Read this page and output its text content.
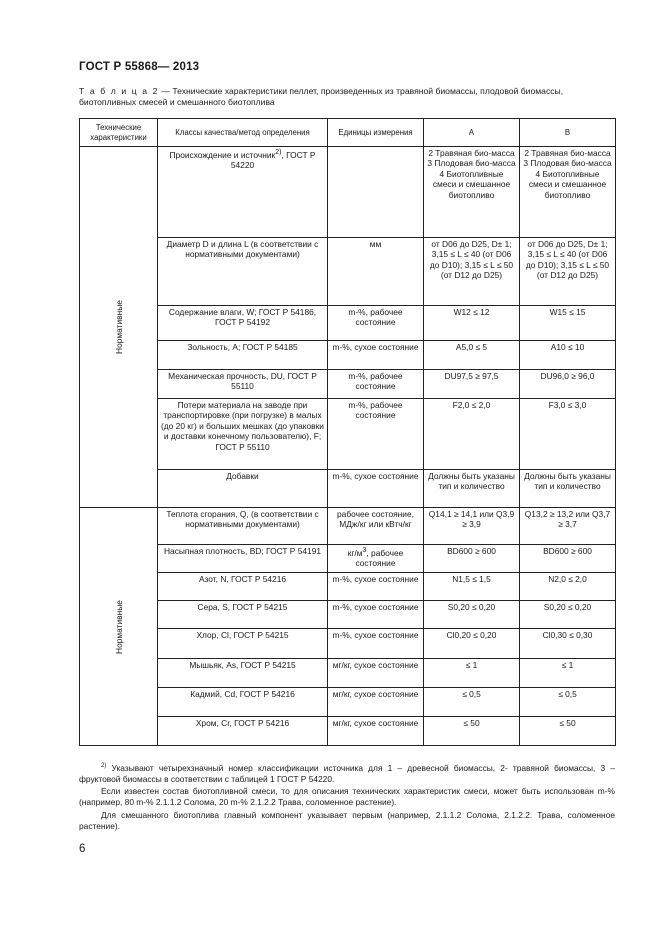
ГОСТ Р 55868— 2013
Т а б л и ц а 2 — Технические характеристики пеллет, произведенных из травяной биомассы, плодовой биомассы, биотопливных смесей и смешанного биотоплива
Технические характеристики	Классы качества/метод определения	Единицы измерения	А	В

Нормативные	Происхождение и источник$^{2)}$, ГОСТ Р 54220		2 Травяная био-масса 3 Плодовая био-масса 4 Биотопливные смеси и смешанное биотопливо	2 Травяная био-масса 3 Плодовая био-масса 4 Биотопливные смеси и смешанное биотопливо
	Диаметр D и длина L (в соответствии с нормативными документами)	мм	от D06 до D25, D± 1; 3,15 ≤ L ≤ 40 (от D06 до D10); 3,15 ≤ L ≤ 50 (от D12 до D25)	от D06 до D25, D± 1; 3,15 ≤ L ≤ 40 (от D06 до D10); 3,15 ≤ L ≤ 50 (от D12 до D25)
	Содержание влаги, W; ГОСТ Р 54186, ГОСТ Р 54192	m-%, рабочее состояние	W12 ≤ 12	W15 ≤ 15
	Зольность, A; ГОСТ Р 54185	m-%, сухое состояние	A5,0 ≤ 5	A10 ≤ 10
	Механическая прочность, DU, ГОСТ Р 55110	m-%, рабочее состояние	DU97,5 ≥ 97,5	DU96,0 ≥ 96,0
	Потери материала на заводе при транспортировке (при погрузке) в малых (до 20 кг) и больших мешках (до упаковки и доставки конечному пользователю), F; ГОСТ Р 55110	m-%, рабочее состояние	F2,0 ≤ 2,0	F3,0 ≤ 3,0
	Добавки	m-%, сухое состояние	Должны быть указаны тип и количество	Должны быть указаны тип и количество

Нормативные	Теплота сгорания, Q, (в соответствии с нормативными документами)	рабочее состояние, МДж/кг или кВтч/кг	Q14,1 ≥ 14,1 или Q3,9 ≥ 3,9	Q13,2 ≥ 13,2 или Q3,7 ≥ 3,7
	Насыпная плотность, BD; ГОСТ Р 54191	$кг/м^3$, рабочее состояние	BD600 ≥ 600	BD600 ≥ 600
	Азот, N, ГОСТ Р 54216	m-%, сухое состояние	N1,5 ≤ 1,5	N2,0 ≤ 2,0
	Сера, S, ГОСТ Р 54215	m-%, сухое состояние	S0,20 ≤ 0,20	S0,20 ≤ 0,20
	Хлор, Cl, ГОСТ Р 54215	m-%, сухое состояние	Cl0,20 ≤ 0,20	Cl0,30 ≤ 0,30
	Мышьяк, As, ГОСТ Р 54215	мг/кг, сухое состояние	≤ 1	≤ 1
	Кадмий, Cd, ГОСТ Р 54216	мг/кг, сухое состояние	≤ 0,5	≤ 0,5
	Хром, Cr, ГОСТ Р 54216	мг/кг, сухое состояние	≤ 50	≤ 50

$^{2)}$ Указывают четырехзначный номер классификации источника для 1 – древесной биомассы, 2- травяной биомассы, 3 – фруктовой биомассы в соответствии с таблицей 1 ГОСТ Р 54220.

Если известен состав биотопливной смеси, то для описания технических характеристик смеси, может быть использован m-% (например, 80 m-% 2.1.1.2 Солома, 20 m-% 2.1.2.2 Трава, соломенное растение).

Для смешанного биотоплива главный компонент указывает первым (например, 2.1.1.2 Солома, 2.1.2.2. Трава, соломенное растение).

6
